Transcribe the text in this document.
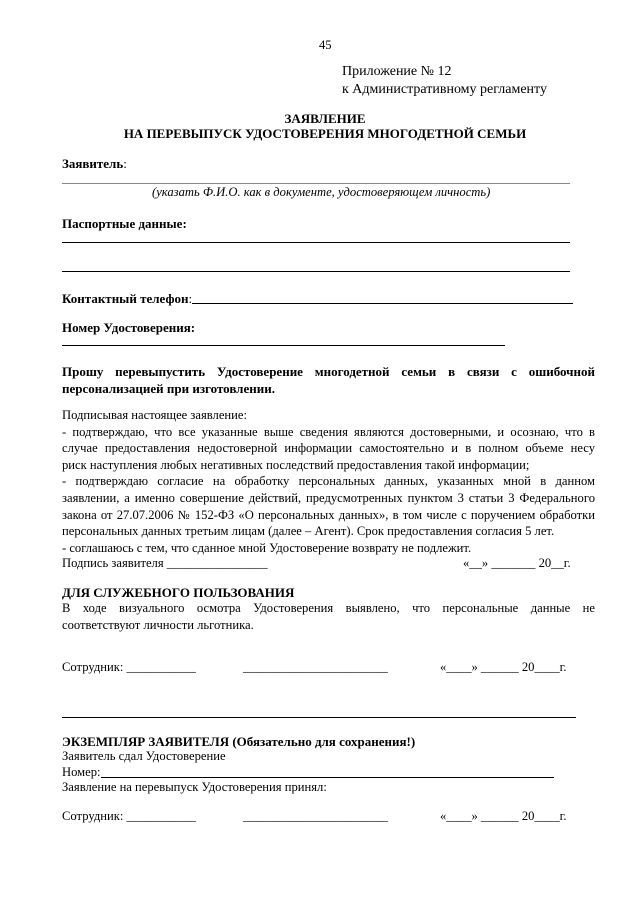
45
Приложение № 12
к Административному регламенту
ЗАЯВЛЕНИЕ
НА ПЕРЕВЫПУСК УДОСТОВЕРЕНИЯ МНОГОДЕТНОЙ СЕМЬИ
Заявитель:
(указать Ф.И.О. как в документе, удостоверяющем личность)
Паспортные данные:
Контактный телефон:
Номер Удостоверения:
Прошу перевыпустить Удостоверение многодетной семьи в связи с ошибочной
персонализацией при изготовлении.
Подписывая настоящее заявление:
- подтверждаю, что все указанные выше сведения являются достоверными, и осознаю, что в
случае предоставления недостоверной информации самостоятельно и в полном объеме несу
риск наступления любых негативных последствий предоставления такой информации;
- подтверждаю согласие на обработку персональных данных, указанных мной в данном
заявлении, а именно совершение действий, предусмотренных пунктом 3 статьи 3 Федерального
закона от 27.07.2006 № 152-ФЗ «О персональных данных», в том числе с поручением обработки
персональных данных третьим лицам (далее – Агент). Срок предоставления согласия 5 лет.
- соглашаюсь с тем, что сданное мной Удостоверение возврату не подлежит.
Подпись заявителя ________________	«__» _______ 20__г.
ДЛЯ СЛУЖЕБНОГО ПОЛЬЗОВАНИЯ
В ходе визуального осмотра Удостоверения выявлено, что персональные данные не
соответствуют личности льготника.
Сотрудник: ___________	_______________________	«____» ______ 20____г.
ЭКЗЕМПЛЯР ЗАЯВИТЕЛЯ (Обязательно для сохранения!)
Заявитель сдал Удостоверение
Номер:
Заявление на перевыпуск Удостоверения принял:
Сотрудник: ___________	_______________________	«____» ______ 20____г.
